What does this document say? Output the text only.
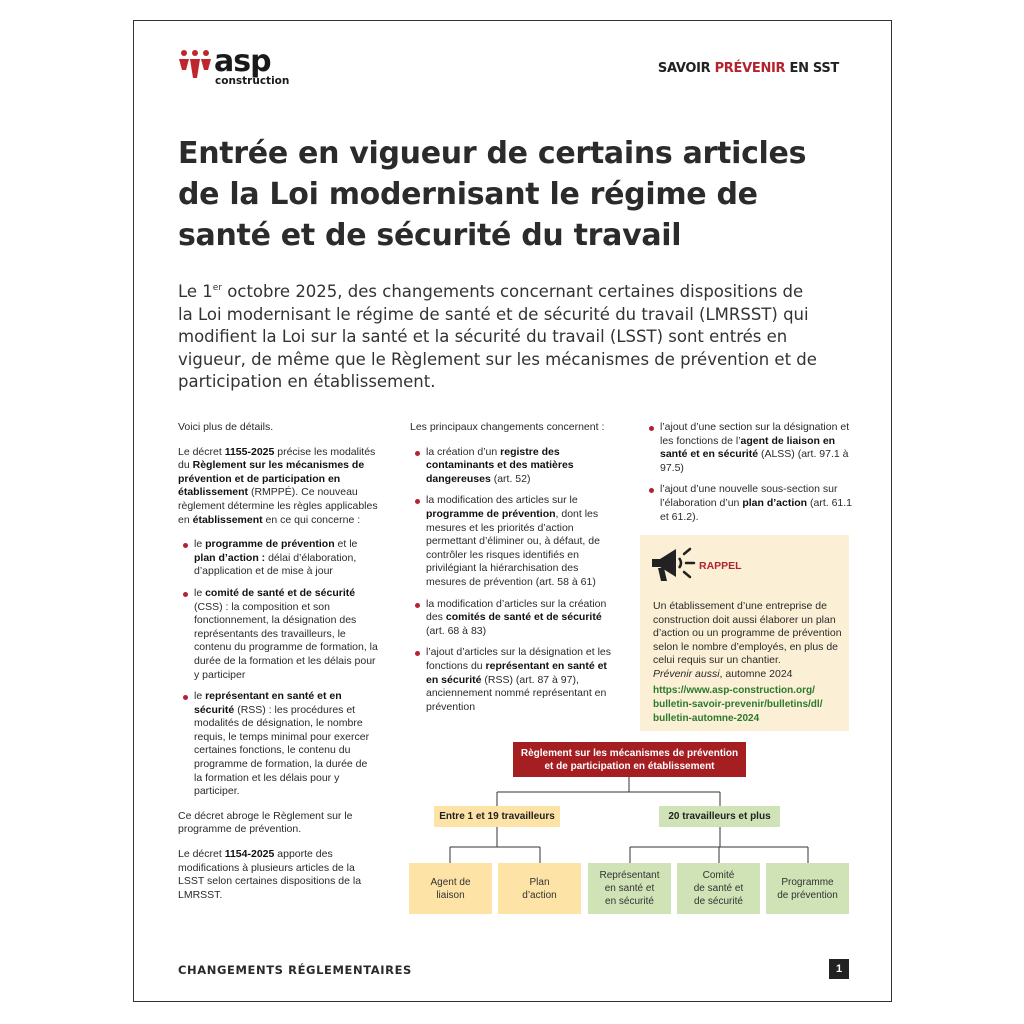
asp
construction
SAVOIR PRÉVENIR EN SST
Entrée en vigueur de certains articles de la Loi modernisant le régime de santé et de sécurité du travail

Le 1er octobre 2025, des changements concernant certaines dispositions de la Loi modernisant le régime de santé et de sécurité du travail (LMRSST) qui modifient la Loi sur la santé et la sécurité du travail (LSST) sont entrés en vigueur, de même que le Règlement sur les mécanismes de prévention et de participation en établissement.

Voici plus de détails.

Le décret 1155-2025 précise les modalités du Règlement sur les mécanismes de prévention et de participation en établissement (RMPPÉ). Ce nouveau règlement détermine les règles applicables en établissement en ce qui concerne :

le programme de prévention et le plan d’action : délai d’élaboration, d’application et de mise à jour
le comité de santé et de sécurité (CSS) : la composition et son fonctionnement, la désignation des représentants des travailleurs, le contenu du programme de formation, la durée de la formation et les délais pour y participer
le représentant en santé et en sécurité (RSS) : les procédures et modalités de désignation, le nombre requis, le temps minimal pour exercer certaines fonctions, le contenu du programme de formation, la durée de la formation et les délais pour y participer.

Ce décret abroge le Règlement sur le programme de prévention.

Le décret 1154-2025 apporte des modifications à plusieurs articles de la LSST selon certaines dispositions de la LMRSST.

Les principaux changements concernent :

la création d’un registre des contaminants et des matières dangereuses (art. 52)
la modification des articles sur le programme de prévention, dont les mesures et les priorités d’action permettant d’éliminer ou, à défaut, de contrôler les risques identifiés en privilégiant la hiérarchisation des mesures de prévention (art. 58 à 61)
la modification d’articles sur la création des comités de santé et de sécurité (art. 68 à 83)
l’ajout d’articles sur la désignation et les fonctions du représentant en santé et en sécurité (RSS) (art. 87 à 97), anciennement nommé représentant en prévention
l’ajout d’une section sur la désignation et les fonctions de l’agent de liaison en santé et en sécurité (ALSS) (art. 97.1 à 97.5)
l’ajout d’une nouvelle sous-section sur l’élaboration d’un plan d’action (art. 61.1 et 61.2).
RAPPEL

Un établissement d’une entreprise de construction doit aussi élaborer un plan d’action ou un programme de prévention selon le nombre d’employés, en plus de celui requis sur un chantier.

Prévenir aussi, automne 2024

https://www.asp-construction.org/
bulletin-savoir-prevenir/bulletins/dl/
bulletin-automne-2024

Règlement sur les mécanismes de prévention
et de participation en établissement
Entre 1 et 19 travailleurs	20 travailleurs et plus
Agent de
liaison
Plan
d’action
Représentant
en santé et
en sécurité
Comité
de santé et
de sécurité
Programme
de prévention
CHANGEMENTS RÉGLEMENTAIRES	1
